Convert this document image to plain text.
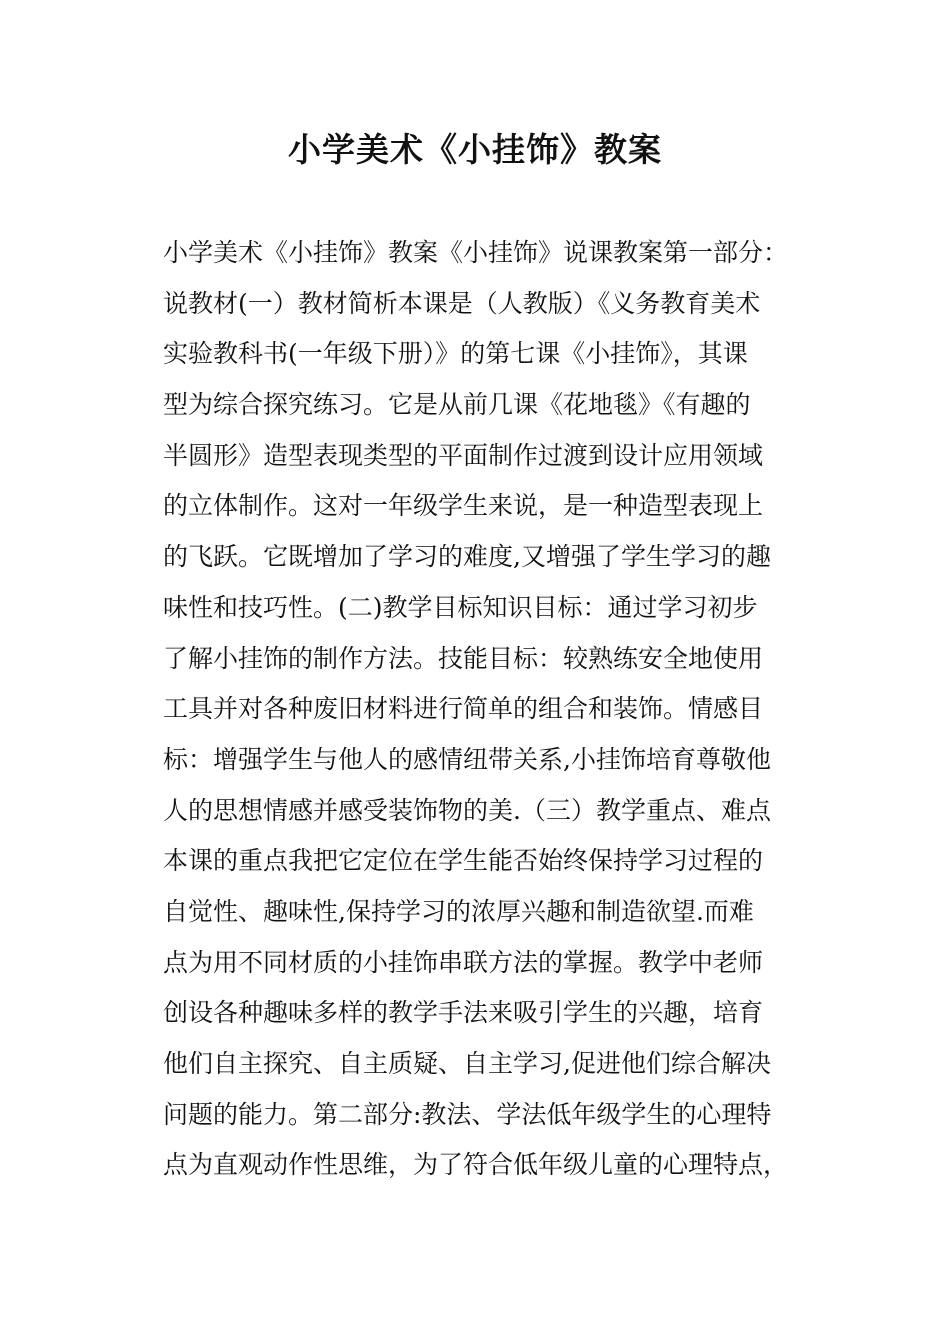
小学美术《小挂饰》教案
小学美术《小挂饰》教案《小挂饰》说课教案第一部分：
说教材(一）教材简析本课是（人教版）《义务教育美术
实验教科书(一年级下册）》的第七课《小挂饰》，其课
型为综合探究练习。它是从前几课《花地毯》《有趣的
半圆形》造型表现类型的平面制作过渡到设计应用领域
的立体制作。这对一年级学生来说，是一种造型表现上
的飞跃。它既增加了学习的难度,又增强了学生学习的趣
味性和技巧性。(二)教学目标知识目标：通过学习初步
了解小挂饰的制作方法。技能目标：较熟练安全地使用
工具并对各种废旧材料进行简单的组合和装饰。情感目
标：增强学生与他人的感情纽带关系,小挂饰培育尊敬他
人的思想情感并感受装饰物的美.（三）教学重点、难点
本课的重点我把它定位在学生能否始终保持学习过程的
自觉性、趣味性,保持学习的浓厚兴趣和制造欲望.而难
点为用不同材质的小挂饰串联方法的掌握。教学中老师
创设各种趣味多样的教学手法来吸引学生的兴趣，培育
他们自主探究、自主质疑、自主学习,促进他们综合解决
问题的能力。第二部分:教法、学法低年级学生的心理特
点为直观动作性思维，为了符合低年级儿童的心理特点，
